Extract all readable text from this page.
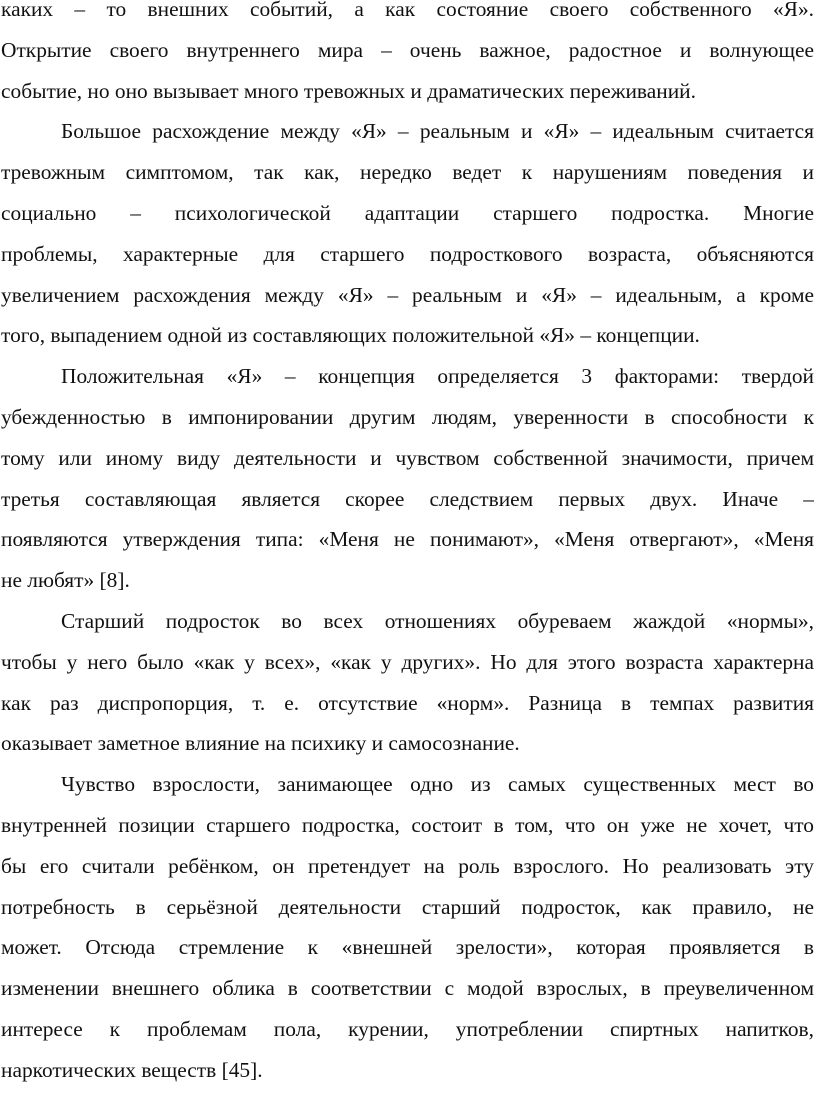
каких – то внешних событий, а как состояние своего собственного «Я».
Открытие своего внутреннего мира – очень важное, радостное и волнующее
событие, но оно вызывает много тревожных и драматических переживаний.
Большое расхождение между «Я» – реальным и «Я» – идеальным считается
тревожным симптомом, так как, нередко ведет к нарушениям поведения и
социально – психологической адаптации старшего подростка. Многие
проблемы, характерные для старшего подросткового возраста, объясняются
увеличением расхождения между «Я» – реальным и «Я» – идеальным, а кроме
того, выпадением одной из составляющих положительной «Я» – концепции.
Положительная «Я» – концепция определяется 3 факторами: твердой
убежденностью в импонировании другим людям, уверенности в способности к
тому или иному виду деятельности и чувством собственной значимости, причем
третья составляющая является скорее следствием первых двух. Иначе –
появляются утверждения типа: «Меня не понимают», «Меня отвергают», «Меня
не любят» [8].
Старший подросток во всех отношениях обуреваем жаждой «нормы»,
чтобы у него было «как у всех», «как у других». Но для этого возраста характерна
как раз диспропорция, т. е. отсутствие «норм». Разница в темпах развития
оказывает заметное влияние на психику и самосознание.
Чувство взрослости, занимающее одно из самых существенных мест во
внутренней позиции старшего подростка, состоит в том, что он уже не хочет, что
бы его считали ребёнком, он претендует на роль взрослого. Но реализовать эту
потребность в серьёзной деятельности старший подросток, как правило, не
может. Отсюда стремление к «внешней зрелости», которая проявляется в
изменении внешнего облика в соответствии с модой взрослых, в преувеличенном
интересе к проблемам пола, курении, употреблении спиртных напитков,
наркотических веществ [45].
